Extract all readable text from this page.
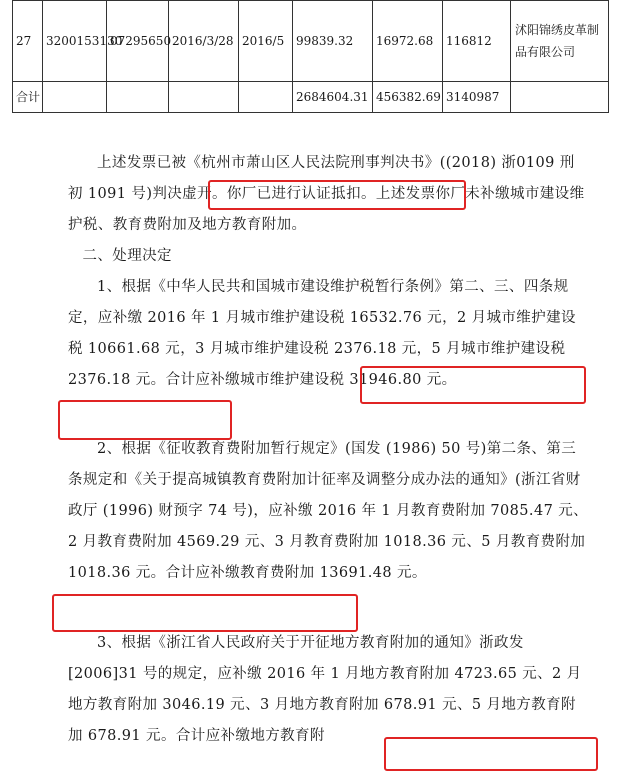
27	3200153130	07295650	2016/3/28	2016/5	99839.32	16972.68	116812	沭阳锦绣皮革制品有限公司
合计					2684604.31	456382.69	3140987	

上述发票已被《杭州市萧山区人民法院刑事判决书》((2018) 浙0109 刑初 1091 号)判决虚开。你厂已进行认证抵扣。上述发票你厂未补缴城市建设维护税、教育费附加及地方教育附加。

二、处理决定

1、根据《中华人民共和国城市建设维护税暂行条例》第二、三、四条规定，应补缴 2016 年 1 月城市维护建设税 16532.76 元，2 月城市维护建设税 10661.68 元，3 月城市维护建设税 2376.18 元，5 月城市维护建设税 2376.18 元。合计应补缴城市维护建设税 31946.80 元。

2、根据《征收教育费附加暂行规定》(国发 (1986) 50 号)第二条、第三条规定和《关于提高城镇教育费附加计征率及调整分成办法的通知》(浙江省财政厅 (1996) 财预字 74 号)，应补缴 2016 年 1 月教育费附加 7085.47 元、2 月教育费附加 4569.29 元、3 月教育费附加 1018.36 元、5 月教育费附加 1018.36 元。合计应补缴教育费附加 13691.48 元。

3、根据《浙江省人民政府关于开征地方教育附加的通知》浙政发[2006]31 号的规定，应补缴 2016 年 1 月地方教育附加 4723.65 元、2 月地方教育附加 3046.19 元、3 月地方教育附加 678.91 元、5 月地方教育附加 678.91 元。合计应补缴地方教育附
